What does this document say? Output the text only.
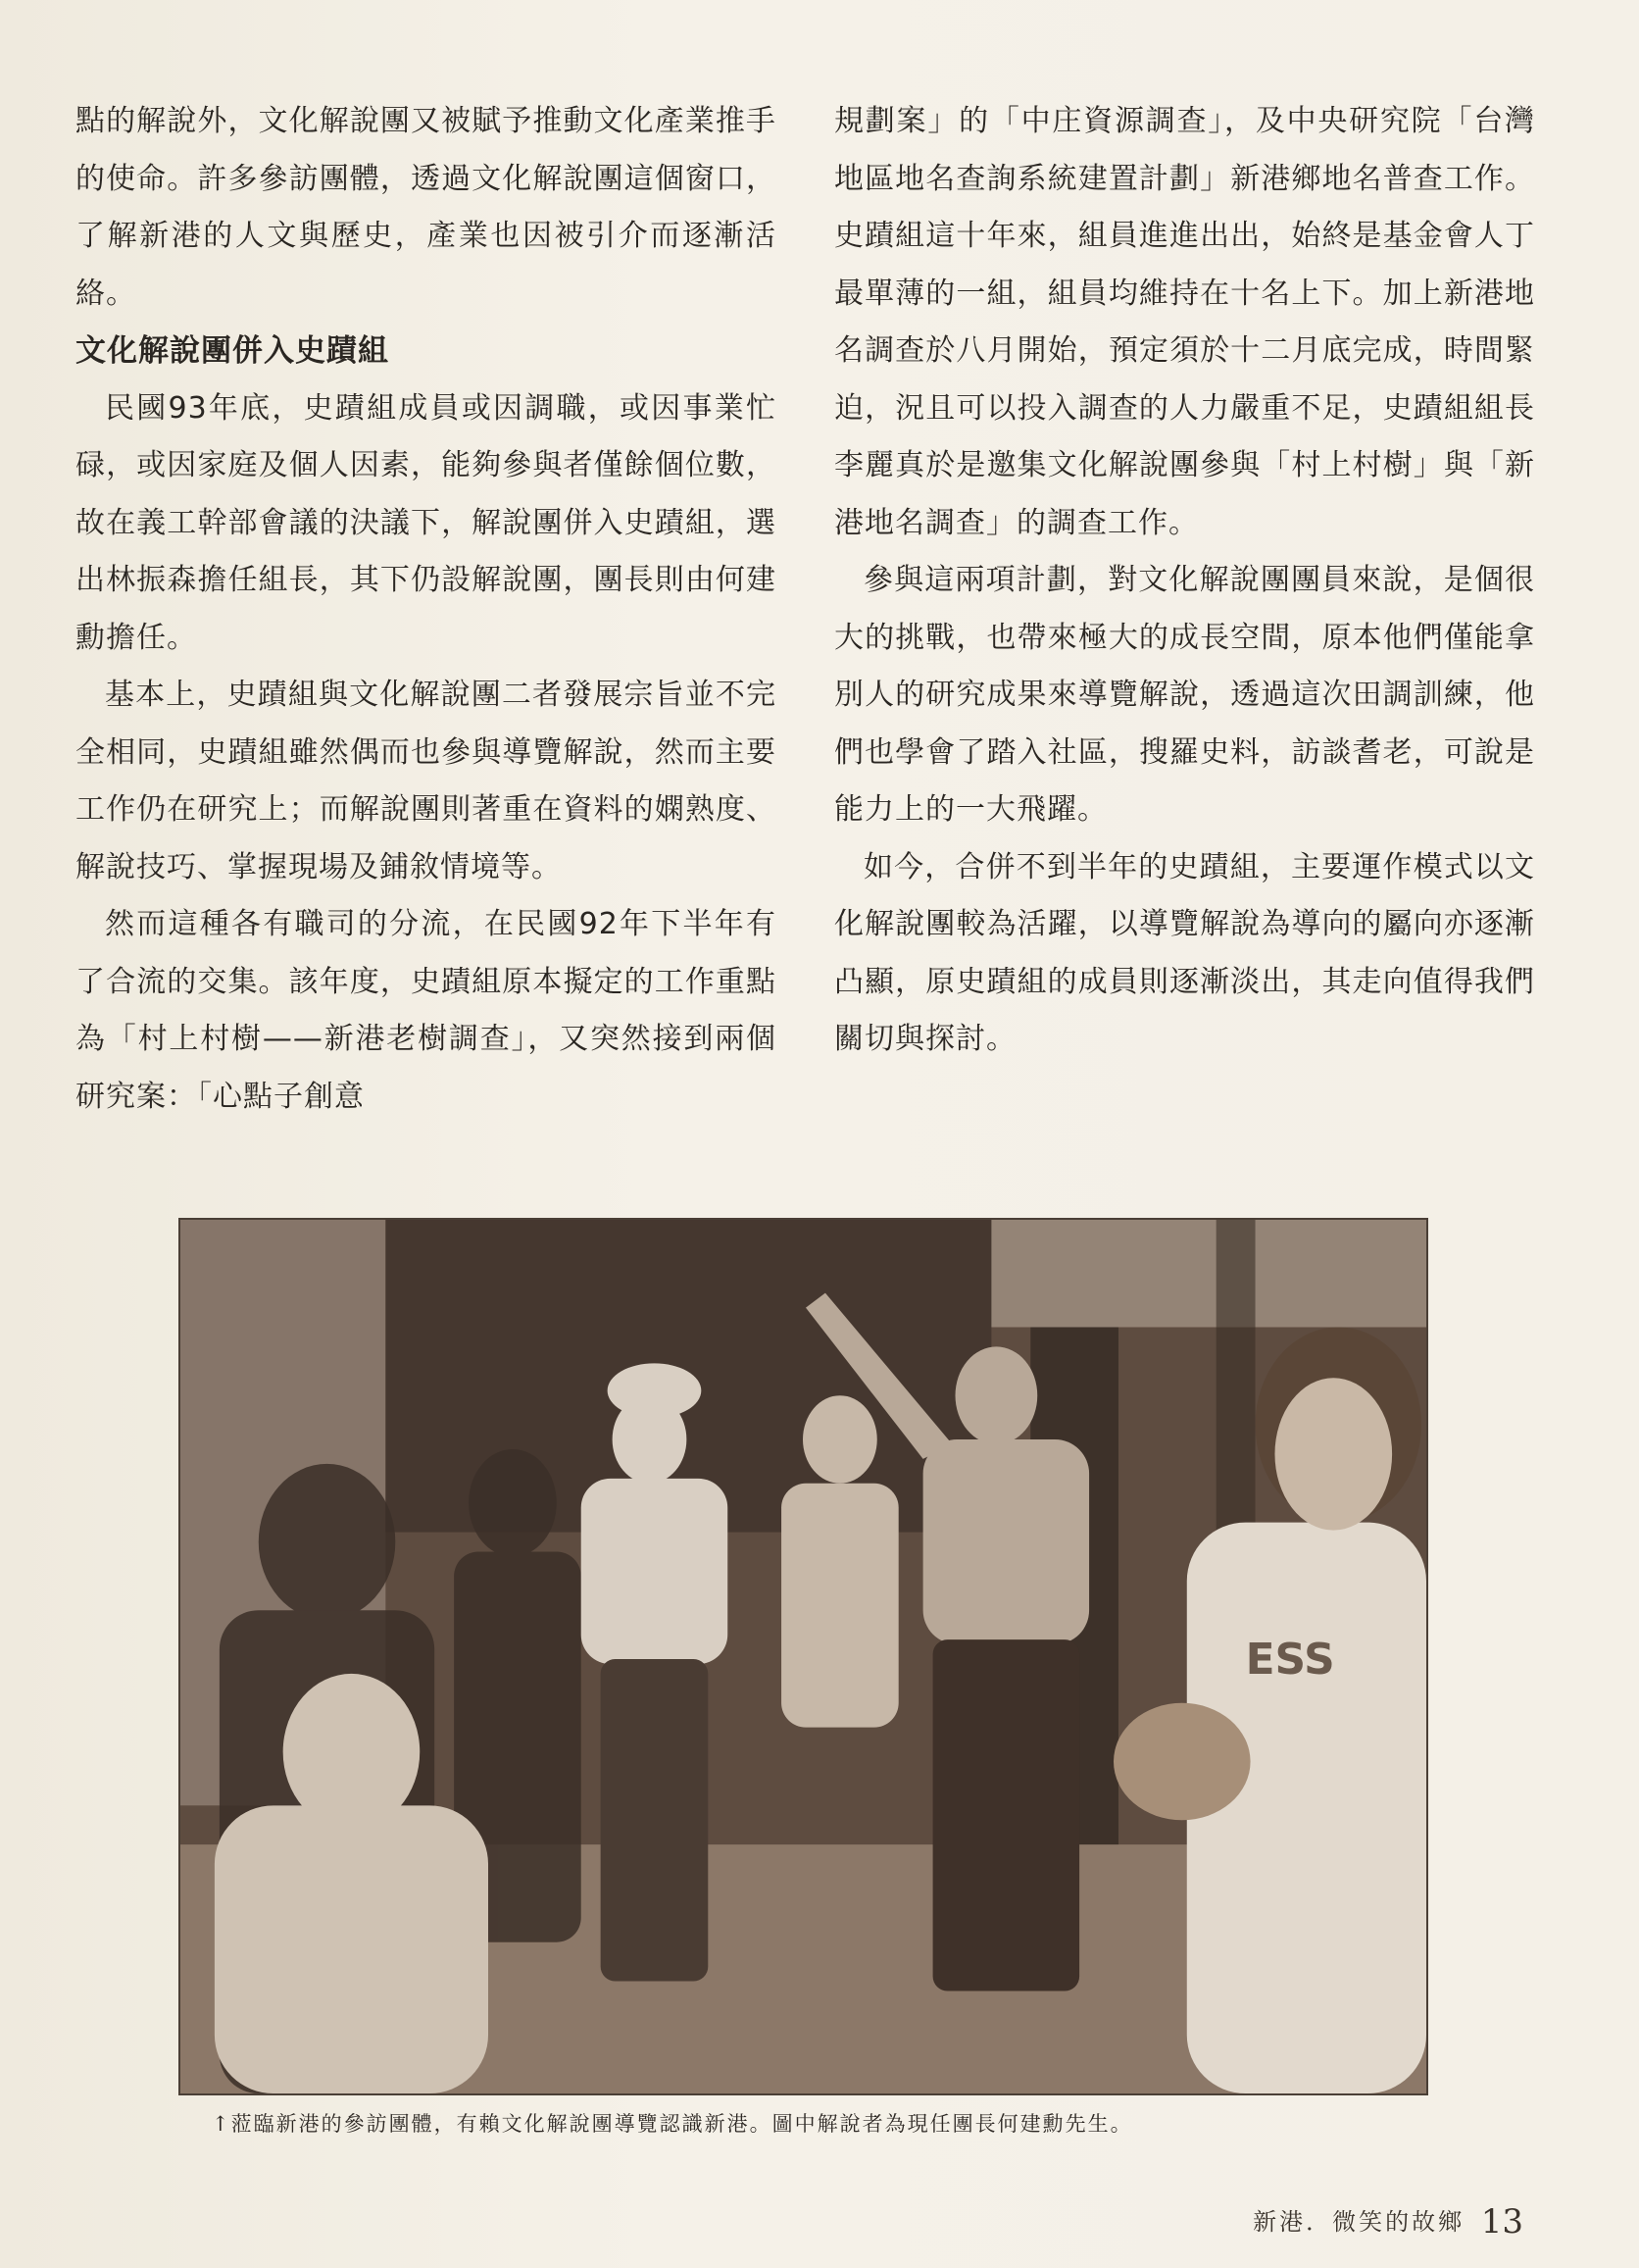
點的解說外，文化解說團又被賦予推動文化產業推手的使命。許多參訪團體，透過文化解說團這個窗口，了解新港的人文與歷史，產業也因被引介而逐漸活絡。

文化解說團併入史蹟組

民國93年底，史蹟組成員或因調職，或因事業忙碌，或因家庭及個人因素，能夠參與者僅餘個位數，故在義工幹部會議的決議下，解說團併入史蹟組，選出林振森擔任組長，其下仍設解說團，團長則由何建勳擔任。

基本上，史蹟組與文化解說團二者發展宗旨並不完全相同，史蹟組雖然偶而也參與導覽解說，然而主要工作仍在研究上；而解說團則著重在資料的嫻熟度、解說技巧、掌握現場及鋪敘情境等。

然而這種各有職司的分流，在民國92年下半年有了合流的交集。該年度，史蹟組原本擬定的工作重點為「村上村樹——新港老樹調查」，又突然接到兩個研究案：「心點子創意

規劃案」的「中庄資源調查」，及中央研究院「台灣地區地名查詢系統建置計劃」新港鄉地名普查工作。史蹟組這十年來，組員進進出出，始終是基金會人丁最單薄的一組，組員均維持在十名上下。加上新港地名調查於八月開始，預定須於十二月底完成，時間緊迫，況且可以投入調查的人力嚴重不足，史蹟組組長李麗真於是邀集文化解說團參與「村上村樹」與「新港地名調查」的調查工作。

參與這兩項計劃，對文化解說團團員來說，是個很大的挑戰，也帶來極大的成長空間，原本他們僅能拿別人的研究成果來導覽解說，透過這次田調訓練，他們也學會了踏入社區，搜羅史料，訪談耆老，可說是能力上的一大飛躍。

如今，合併不到半年的史蹟組，主要運作模式以文化解說團較為活躍，以導覽解說為導向的屬向亦逐漸凸顯，原史蹟組的成員則逐漸淡出，其走向值得我們關切與探討。

ESS
↑蒞臨新港的參訪團體，有賴文化解說團導覽認識新港。圖中解說者為現任團長何建勳先生。
新港．微笑的故鄉 13
